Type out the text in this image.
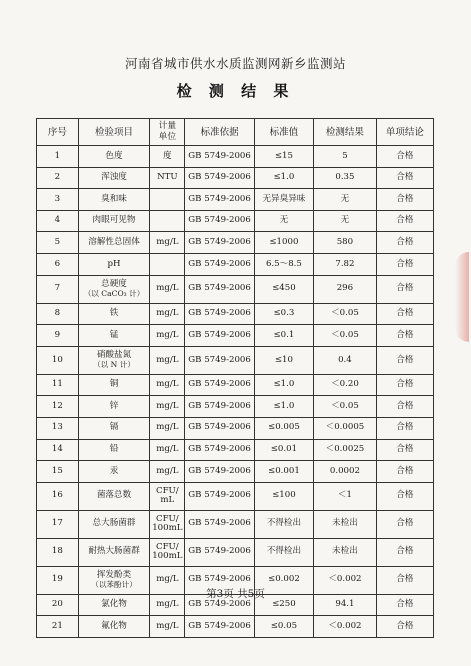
河南省城市供水水质监测网新乡监测站
检 测 结 果
序号	检验项目	计量
单位	标准依据	标准值	检测结果	单项结论
1	色度	度	GB 5749-2006	≤15	5	合格
2	浑浊度	NTU	GB 5749-2006	≤1.0	0.35	合格
3	臭和味		GB 5749-2006	无异臭异味	无	合格
4	肉眼可见物		GB 5749-2006	无	无	合格
5	溶解性总固体	mg/L	GB 5749-2006	≤1000	580	合格
6	pH		GB 5749-2006	6.5～8.5	7.82	合格
7	总硬度
（以 CaCO₃ 计）	mg/L	GB 5749-2006	≤450	296	合格
8	铁	mg/L	GB 5749-2006	≤0.3	＜0.05	合格
9	锰	mg/L	GB 5749-2006	≤0.1	＜0.05	合格
10	硝酸盐氮
（以 N 计）	mg/L	GB 5749-2006	≤10	0.4	合格
11	铜	mg/L	GB 5749-2006	≤1.0	＜0.20	合格
12	锌	mg/L	GB 5749-2006	≤1.0	＜0.05	合格
13	镉	mg/L	GB 5749-2006	≤0.005	＜0.0005	合格
14	铅	mg/L	GB 5749-2006	≤0.01	＜0.0025	合格
15	汞	mg/L	GB 5749-2006	≤0.001	0.0002	合格
16	菌落总数	CFU/
mL	GB 5749-2006	≤100	＜1	合格
17	总大肠菌群	CFU/
100mL	GB 5749-2006	不得检出	未检出	合格
18	耐热大肠菌群	CFU/
100mL	GB 5749-2006	不得检出	未检出	合格
19	挥发酚类
（以苯酚计）	mg/L	GB 5749-2006	≤0.002	＜0.002	合格
20	氯化物	mg/L	GB 5749-2006	≤250	94.1	合格
21	氟化物	mg/L	GB 5749-2006	≤0.05	＜0.002	合格
第3页 共5页
